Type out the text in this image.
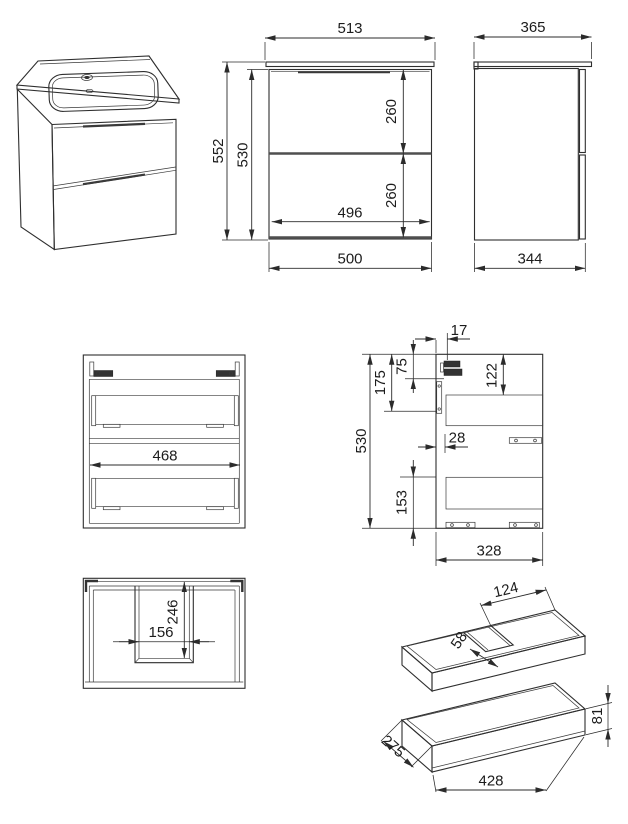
513
552 530
260
260
496
500
365
344
468
17
75
175	122
530	28
153
328
246
156
124
58
81
275
428
